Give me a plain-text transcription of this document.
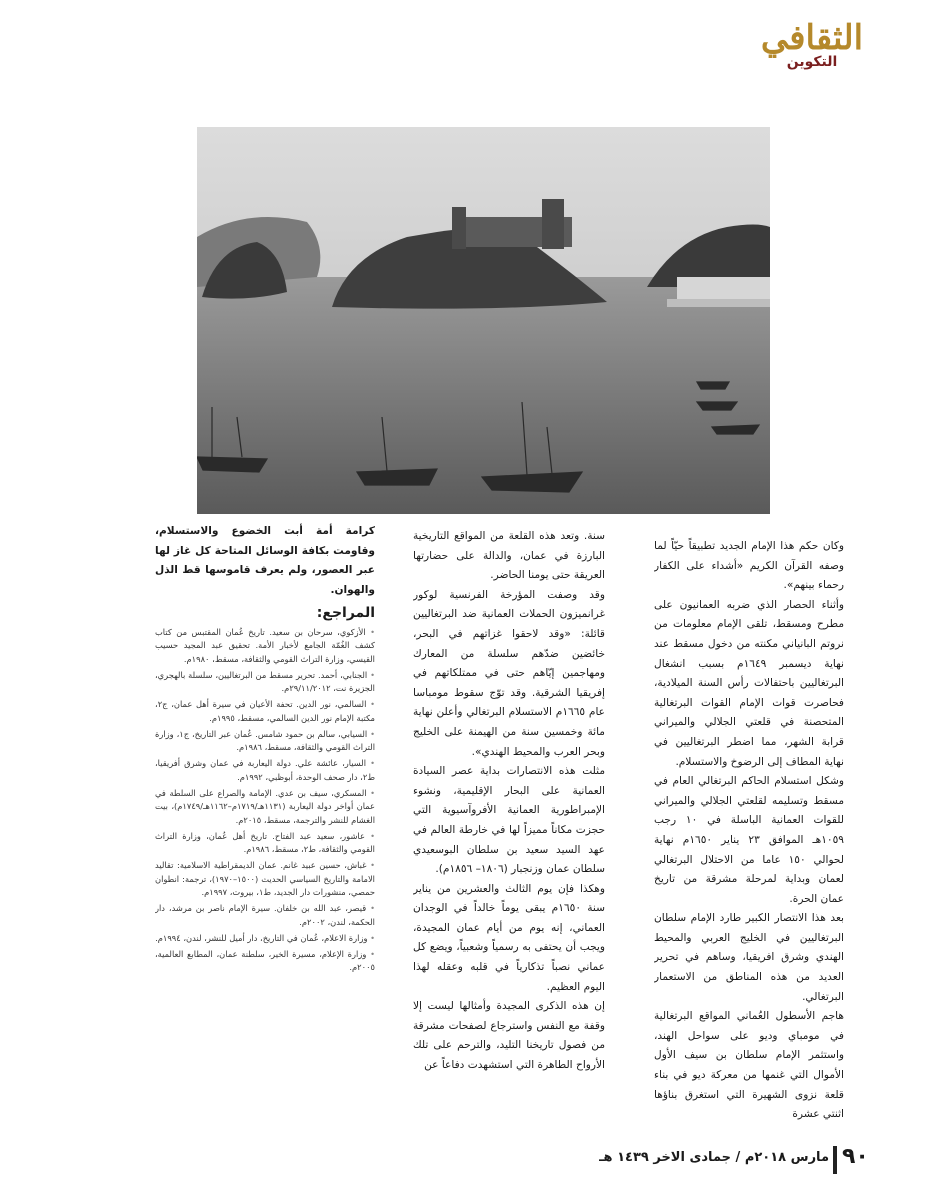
الثقافي
التكوين

وكان حكم هذا الإمام الجديد تطبيقاً حيّاً لما وصفه القرآن الكريم «أشداء على الكفار رحماء بينهم».

وأثناء الحصار الذي ضربه العمانيون على مطرح ومسقط، تلقى الإمام معلومات من نروتم البانياني مكنته من دخول مسقط عند نهاية ديسمبر ١٦٤٩م بسبب انشغال البرتغاليين باحتفالات رأس السنة الميلادية، فحاصرت قوات الإمام القوات البرتغالية المتحصنة في قلعتي الجلالي والميراني قرابة الشهر، مما اضطر البرتغاليين في نهاية المطاف إلى الرضوخ والاستسلام.

وشكل استسلام الحاكم البرتغالي العام في مسقط وتسليمه لقلعتي الجلالي والميراني للقوات العمانية الباسلة في ١٠ رجب ١٠٥٩هـ الموافق ٢٣ يناير ١٦٥٠م نهاية لحوالي ١٥٠ عاما من الاحتلال البرتغالي لعمان وبداية لمرحلة مشرقة من تاريخ عمان الحرة.

بعد هذا الانتصار الكبير طارد الإمام سلطان البرتغاليين في الخليج العربي والمحيط الهندي وشرق افريقيا، وساهم في تحرير العديد من هذه المناطق من الاستعمار البرتغالي.

هاجم الأسطول العُماني المواقع البرتغالية في مومباي وديو على سواحل الهند، واستثمر الإمام سلطان بن سيف الأول الأموال التي غنمها من معركة ديو في بناء قلعة نزوى الشهيرة التي استغرق بناؤها اثنتي عشرة

سنة. وتعد هذه القلعة من المواقع التاريخية البارزة في عمان، والدالة على حضارتها العريقة حتى يومنا الحاضر.

وقد وصفت المؤرخة الفرنسية لوكور غرانميزون الحملات العمانية ضد البرتغاليين قائلة: «وقد لاحقوا غزاتهم في البحر، خائضين ضدّهم سلسلة من المعارك ومهاجمين إيّاهم حتى في ممتلكاتهم في إفريقيا الشرقية. وقد توّج سقوط مومباسا عام ١٦٦٥م الاستسلام البرتغالي وأعلن نهاية مائة وخمسين سنة من الهيمنة على الخليج وبحر العرب والمحيط الهندي».

مثلت هذه الانتصارات بداية عصر السيادة العمانية على البحار الإقليمية، ونشوء الإمبراطورية العمانية الأفروآسيوية التي حجزت مكاناً مميزاً لها في خارطة العالم في عهد السيد سعيد بن سلطان البوسعيدي سلطان عمان وزنجبار (١٨٠٦– ١٨٥٦م).

وهكذا فإن يوم الثالث والعشرين من يناير سنة ١٦٥٠م يبقى يوماً خالداً في الوجدان العماني، إنه يوم من أيام عمان المجيدة، ويجب أن يحتفى به رسمياً وشعبياً، ويضع كل عماني نصباً تذكارياً في قلبه وعقله لهذا اليوم العظيم.

إن هذه الذكرى المجيدة وأمثالها ليست إلا وقفة مع النفس واسترجاع لصفحات مشرقة من فصول تاريخنا التليد، والترحم على تلك الأرواح الطاهرة التي استشهدت دفاعاً عن

كرامة أمة أبت الخضوع والاستسلام، وقاومت بكافة الوسائل المتاحة كل غاز لها عبر العصور، ولم يعرف قاموسها قط الذل والهوان.

المراجع:
• الأزكوي، سرحان بن سعيد. تاريخ عُمان المقتبس من كتاب كشف الغُمّة الجامع لأخبار الأمة. تحقيق عبد المجيد حسيب القيسي، وزارة التراث القومي والثقافة، مسقط، ١٩٨٠م.
• الجنابي، أحمد. تحرير مسقط من البرتغاليين، سلسلة بالهجري، الجزيرة نت، ٢٩/١١/٢٠١٢م.
• السالمي، نور الدين. تحفة الأعيان في سيرة أهل عمان، ج٢، مكتبة الإمام نور الدين السالمي، مسقط، ١٩٩٥م.
• السيابي، سالم بن حمود شامس. عُمان عبر التاريخ، ج١، وزارة التراث القومي والثقافة، مسقط، ١٩٨٦م.
• السيار، عائشة علي. دولة اليعاربة في عمان وشرق أفريقيا، ط٢، دار صحف الوحدة، أبوظبي، ١٩٩٢م.
• المسكري، سيف بن عدي. الإمامة والصراع على السلطة في عمان أواخر دولة اليعاربة (١١٣١هـ/١٧١٩م–١١٦٢هـ/١٧٤٩م)، بيت الغشام للنشر والترجمة، مسقط، ٢٠١٥م.
• عاشور، سعيد عبد الفتاح. تاريخ أهل عُمان، وزارة التراث القومي والثقافة، ط٢، مسقط، ١٩٨٦م.
• غباش، حسين عبيد غانم. عمان الديمقراطية الاسلامية: تقاليد الامامة والتاريخ السياسي الحديث (١٥٠٠–١٩٧٠)، ترجمة: انطوان حمصي، منشورات دار الجديد، ط١، بيروت، ١٩٩٧م.
• قيصر، عبد الله بن خلفان. سيرة الإمام ناصر بن مرشد، دار الحكمة، لندن، ٢٠٠٢م.
• وزارة الاعلام، عُمان في التاريخ، دار أميل للنشر، لندن، ١٩٩٤م.
• وزارة الإعلام، مسيرة الخير، سلطنة عمان، المطابع العالمية، ٢٠٠٥م.
٩٠
مارس ٢٠١٨م / جمادى الاخر ١٤٣٩ هـ
